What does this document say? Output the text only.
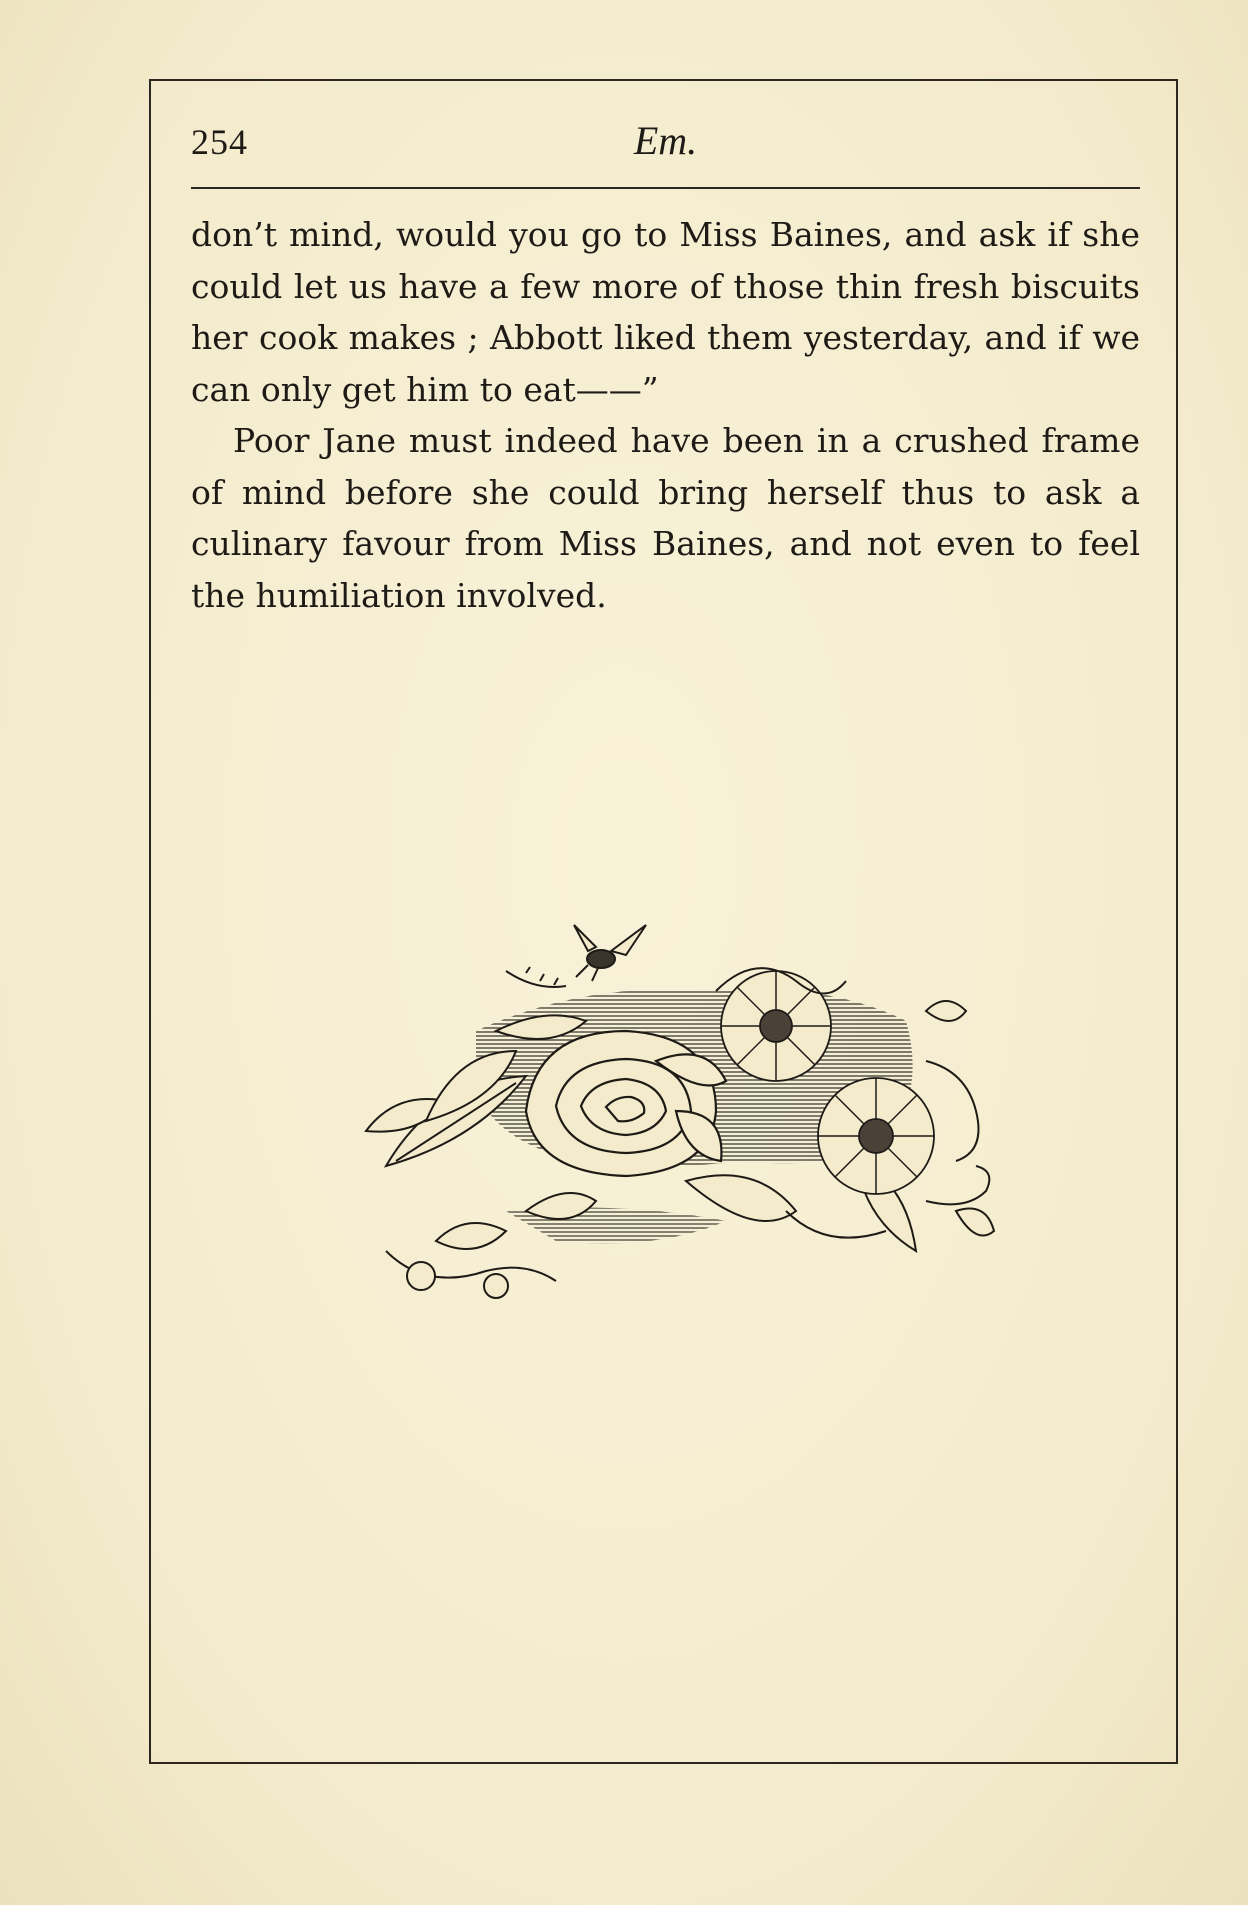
254	Em.

don’t mind, would you go to Miss Baines, and ask if she could let us have a few more of those thin fresh biscuits her cook makes ; Abbott liked them yesterday, and if we can only get him to eat——”

Poor Jane must indeed have been in a crushed frame of mind before she could bring herself thus to ask a culinary favour from Miss Baines, and not even to feel the humiliation involved.
